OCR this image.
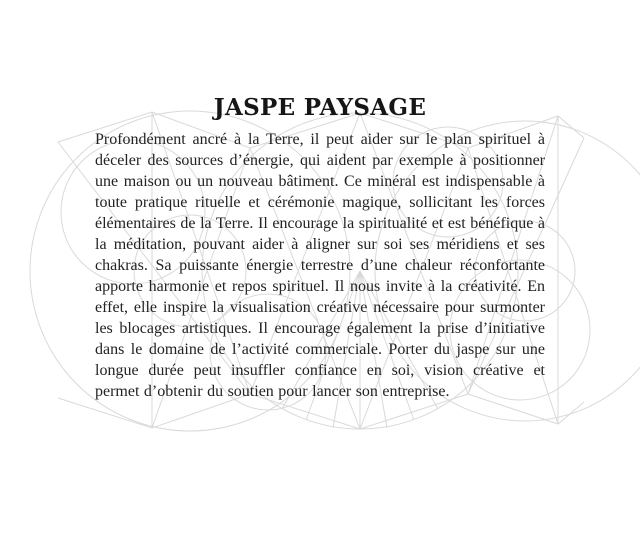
JASPE PAYSAGE

Profondément ancré à la Terre, il peut aider sur le plan spirituel à déceler des sources d’énergie, qui aident par exemple à positionner une maison ou un nouveau bâtiment. Ce minéral est indispensable à toute pratique rituelle et cérémonie magique, sollicitant les forces élémentaires de la Terre. Il encourage la spiritualité et est bénéfique à la méditation, pouvant aider à aligner sur soi ses méridiens et ses chakras. Sa puissante énergie terrestre d’une chaleur réconfortante apporte harmonie et repos spirituel. Il nous invite à la créativité. En effet, elle inspire la visualisation créative nécessaire pour surmonter les blocages artistiques. Il encourage également la prise d’initiative dans le domaine de l’activité commerciale. Porter du jaspe sur une longue durée peut insuffler confiance en soi, vision créative et permet d’obtenir du soutien pour lancer son entreprise.
